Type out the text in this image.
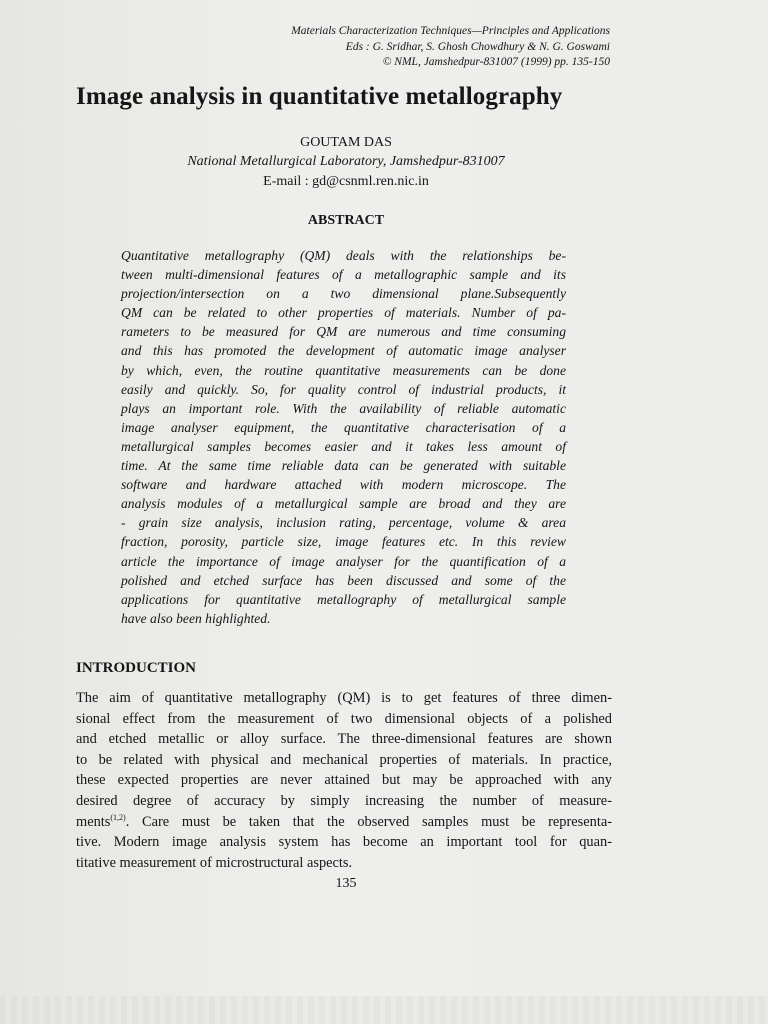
Materials Characterization Techniques—Principles and Applications
Eds : G. Sridhar, S. Ghosh Chowdhury & N. G. Goswami
© NML, Jamshedpur-831007 (1999) pp. 135-150
Image analysis in quantitative metallography
GOUTAM DAS
National Metallurgical Laboratory, Jamshedpur-831007
E-mail : gd@csnml.ren.nic.in
ABSTRACT
Quantitative metallography (QM) deals with the relationships be-
tween multi-dimensional features of a metallographic sample and its
projection/intersection on a two dimensional plane.Subsequently
QM can be related to other properties of materials. Number of pa-
rameters to be measured for QM are numerous and time consuming
and this has promoted the development of automatic image analyser
by which, even, the routine quantitative measurements can be done
easily and quickly. So, for quality control of industrial products, it
plays an important role. With the availability of reliable automatic
image analyser equipment, the quantitative characterisation of a
metallurgical samples becomes easier and it takes less amount of
time. At the same time reliable data can be generated with suitable
software and hardware attached with modern microscope. The
analysis modules of a metallurgical sample are broad and they are
- grain size analysis, inclusion rating, percentage, volume & area
fraction, porosity, particle size, image features etc. In this review
article the importance of image analyser for the quantification of a
polished and etched surface has been discussed and some of the
applications for quantitative metallography of metallurgical sample
have also been highlighted.
INTRODUCTION
The aim of quantitative metallography (QM) is to get features of three dimen-
sional effect from the measurement of two dimensional objects of a polished
and etched metallic or alloy surface. The three-dimensional features are shown
to be related with physical and mechanical properties of materials. In practice,
these expected properties are never attained but may be approached with any
desired degree of accuracy by simply increasing the number of measure-
ments$^{(1,2)}$. Care must be taken that the observed samples must be representa-
tive. Modern image analysis system has become an important tool for quan-
titative measurement of microstructural aspects.
135
